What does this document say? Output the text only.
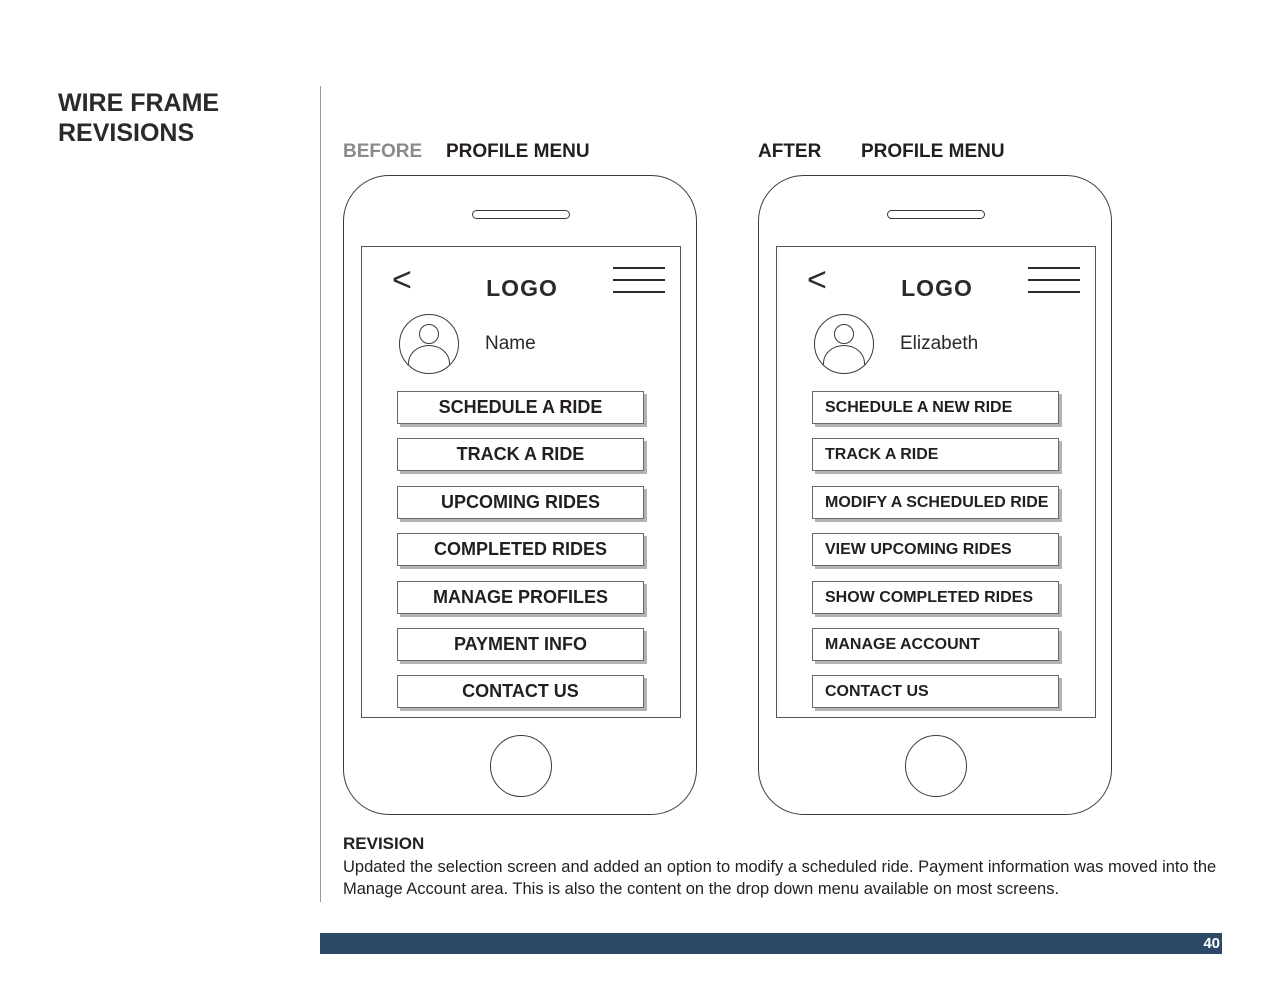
WIRE FRAME
REVISIONS
BEFORE PROFILE MENU	AFTER PROFILE MENU
<	LOGO
Name
SCHEDULE A RIDE
TRACK A RIDE
UPCOMING RIDES
COMPLETED RIDES
MANAGE PROFILES
PAYMENT INFO
CONTACT US
<	LOGO
Elizabeth
SCHEDULE A NEW RIDE
TRACK A RIDE
MODIFY A SCHEDULED RIDE
VIEW UPCOMING RIDES
SHOW COMPLETED RIDES
MANAGE ACCOUNT
CONTACT US
REVISION
Updated the selection screen and added an option to modify a scheduled ride. Payment information was moved into the Manage Account area. This is also the content on the drop down menu available on most screens.
40
